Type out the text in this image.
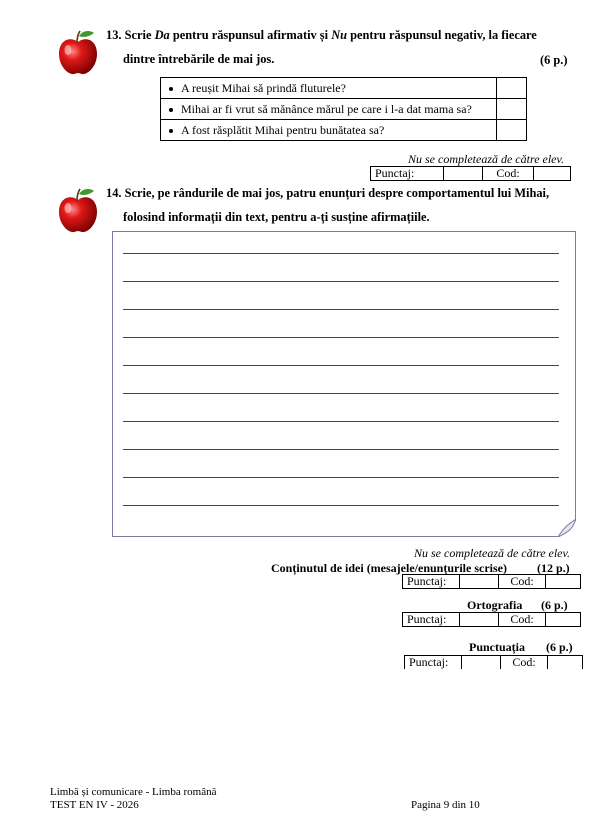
13. Scrie Da pentru răspunsul afirmativ și Nu pentru răspunsul negativ, la fiecare
dintre întrebările de mai jos.	(6 p.)
A reușit Mihai să prindă fluturele?	
Mihai ar fi vrut să mănânce mărul pe care i l-a dat mama sa?	
A fost răsplătit Mihai pentru bunătatea sa?	
Nu se completează de către elev.
Punctaj:		Cod:	
14. Scrie, pe rândurile de mai jos, patru enunțuri despre comportamentul lui Mihai,
folosind informații din text, pentru a-ți susține afirmațiile.
Nu se completează de către elev.
Conținutul de idei (mesajele/enunțurile scrise)	(12 p.)
Punctaj:		Cod:	
Ortografia (6 p.)
Punctaj:		Cod:	
Punctuația (6 p.)
Punctaj:		Cod:	
Limbă și comunicare - Limba română
TEST EN IV - 2026	Pagina 9 din 10
